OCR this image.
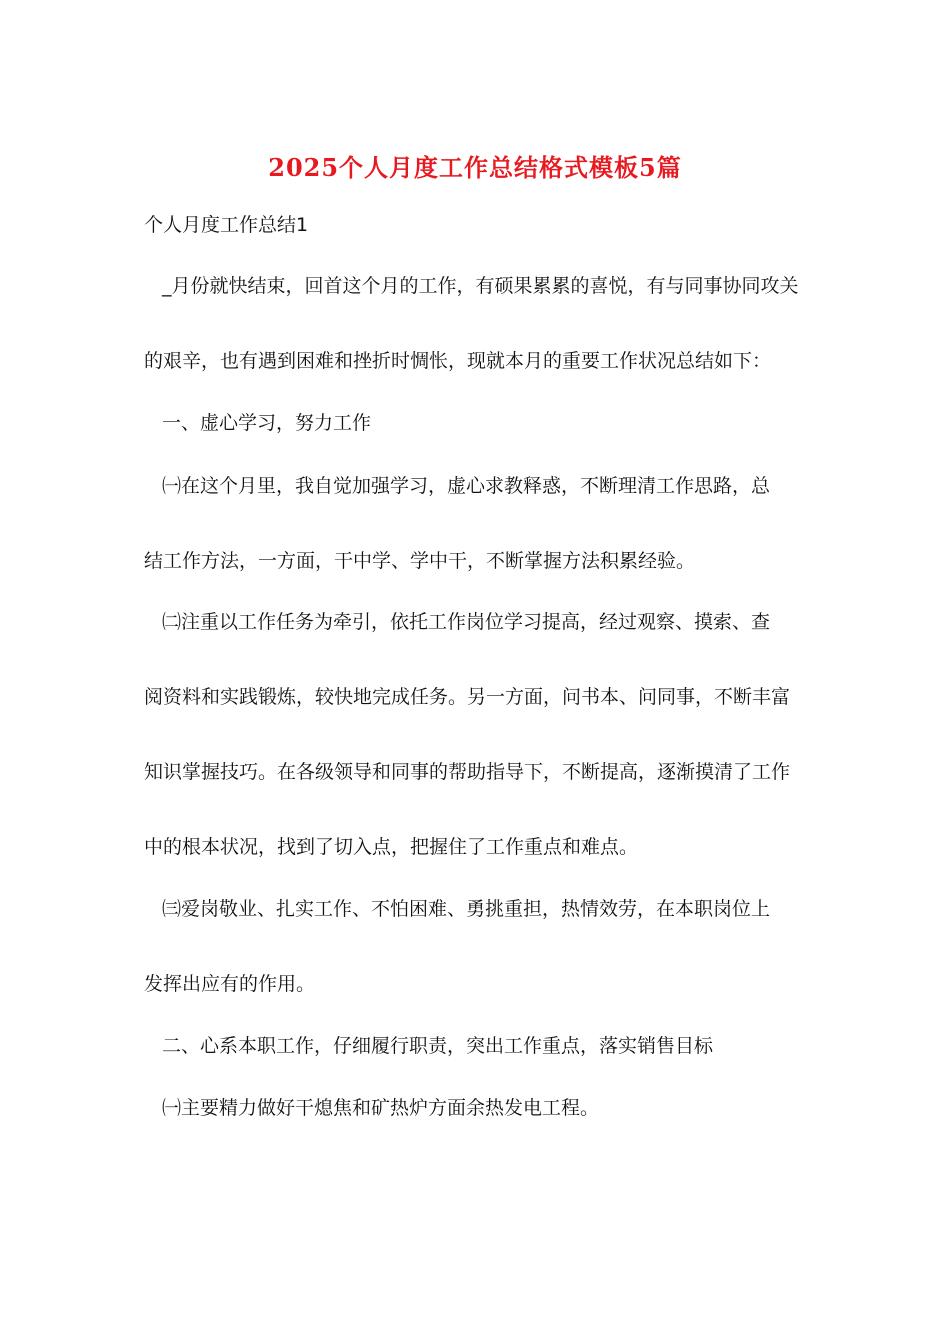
2025个人月度工作总结格式模板5篇
个人月度工作总结1
_月份就快结束，回首这个月的工作，有硕果累累的喜悦，有与同事协同攻关
的艰辛，也有遇到困难和挫折时惆怅，现就本月的重要工作状况总结如下：
一、虚心学习，努力工作
㈠在这个月里，我自觉加强学习，虚心求教释惑，不断理清工作思路，总
结工作方法，一方面，干中学、学中干，不断掌握方法积累经验。
㈡注重以工作任务为牵引，依托工作岗位学习提高，经过观察、摸索、查
阅资料和实践锻炼，较快地完成任务。另一方面，问书本、问同事，不断丰富
知识掌握技巧。在各级领导和同事的帮助指导下，不断提高，逐渐摸清了工作
中的根本状况，找到了切入点，把握住了工作重点和难点。
㈢爱岗敬业、扎实工作、不怕困难、勇挑重担，热情效劳，在本职岗位上
发挥出应有的作用。
二、心系本职工作，仔细履行职责，突出工作重点，落实销售目标
㈠主要精力做好干熄焦和矿热炉方面余热发电工程。
